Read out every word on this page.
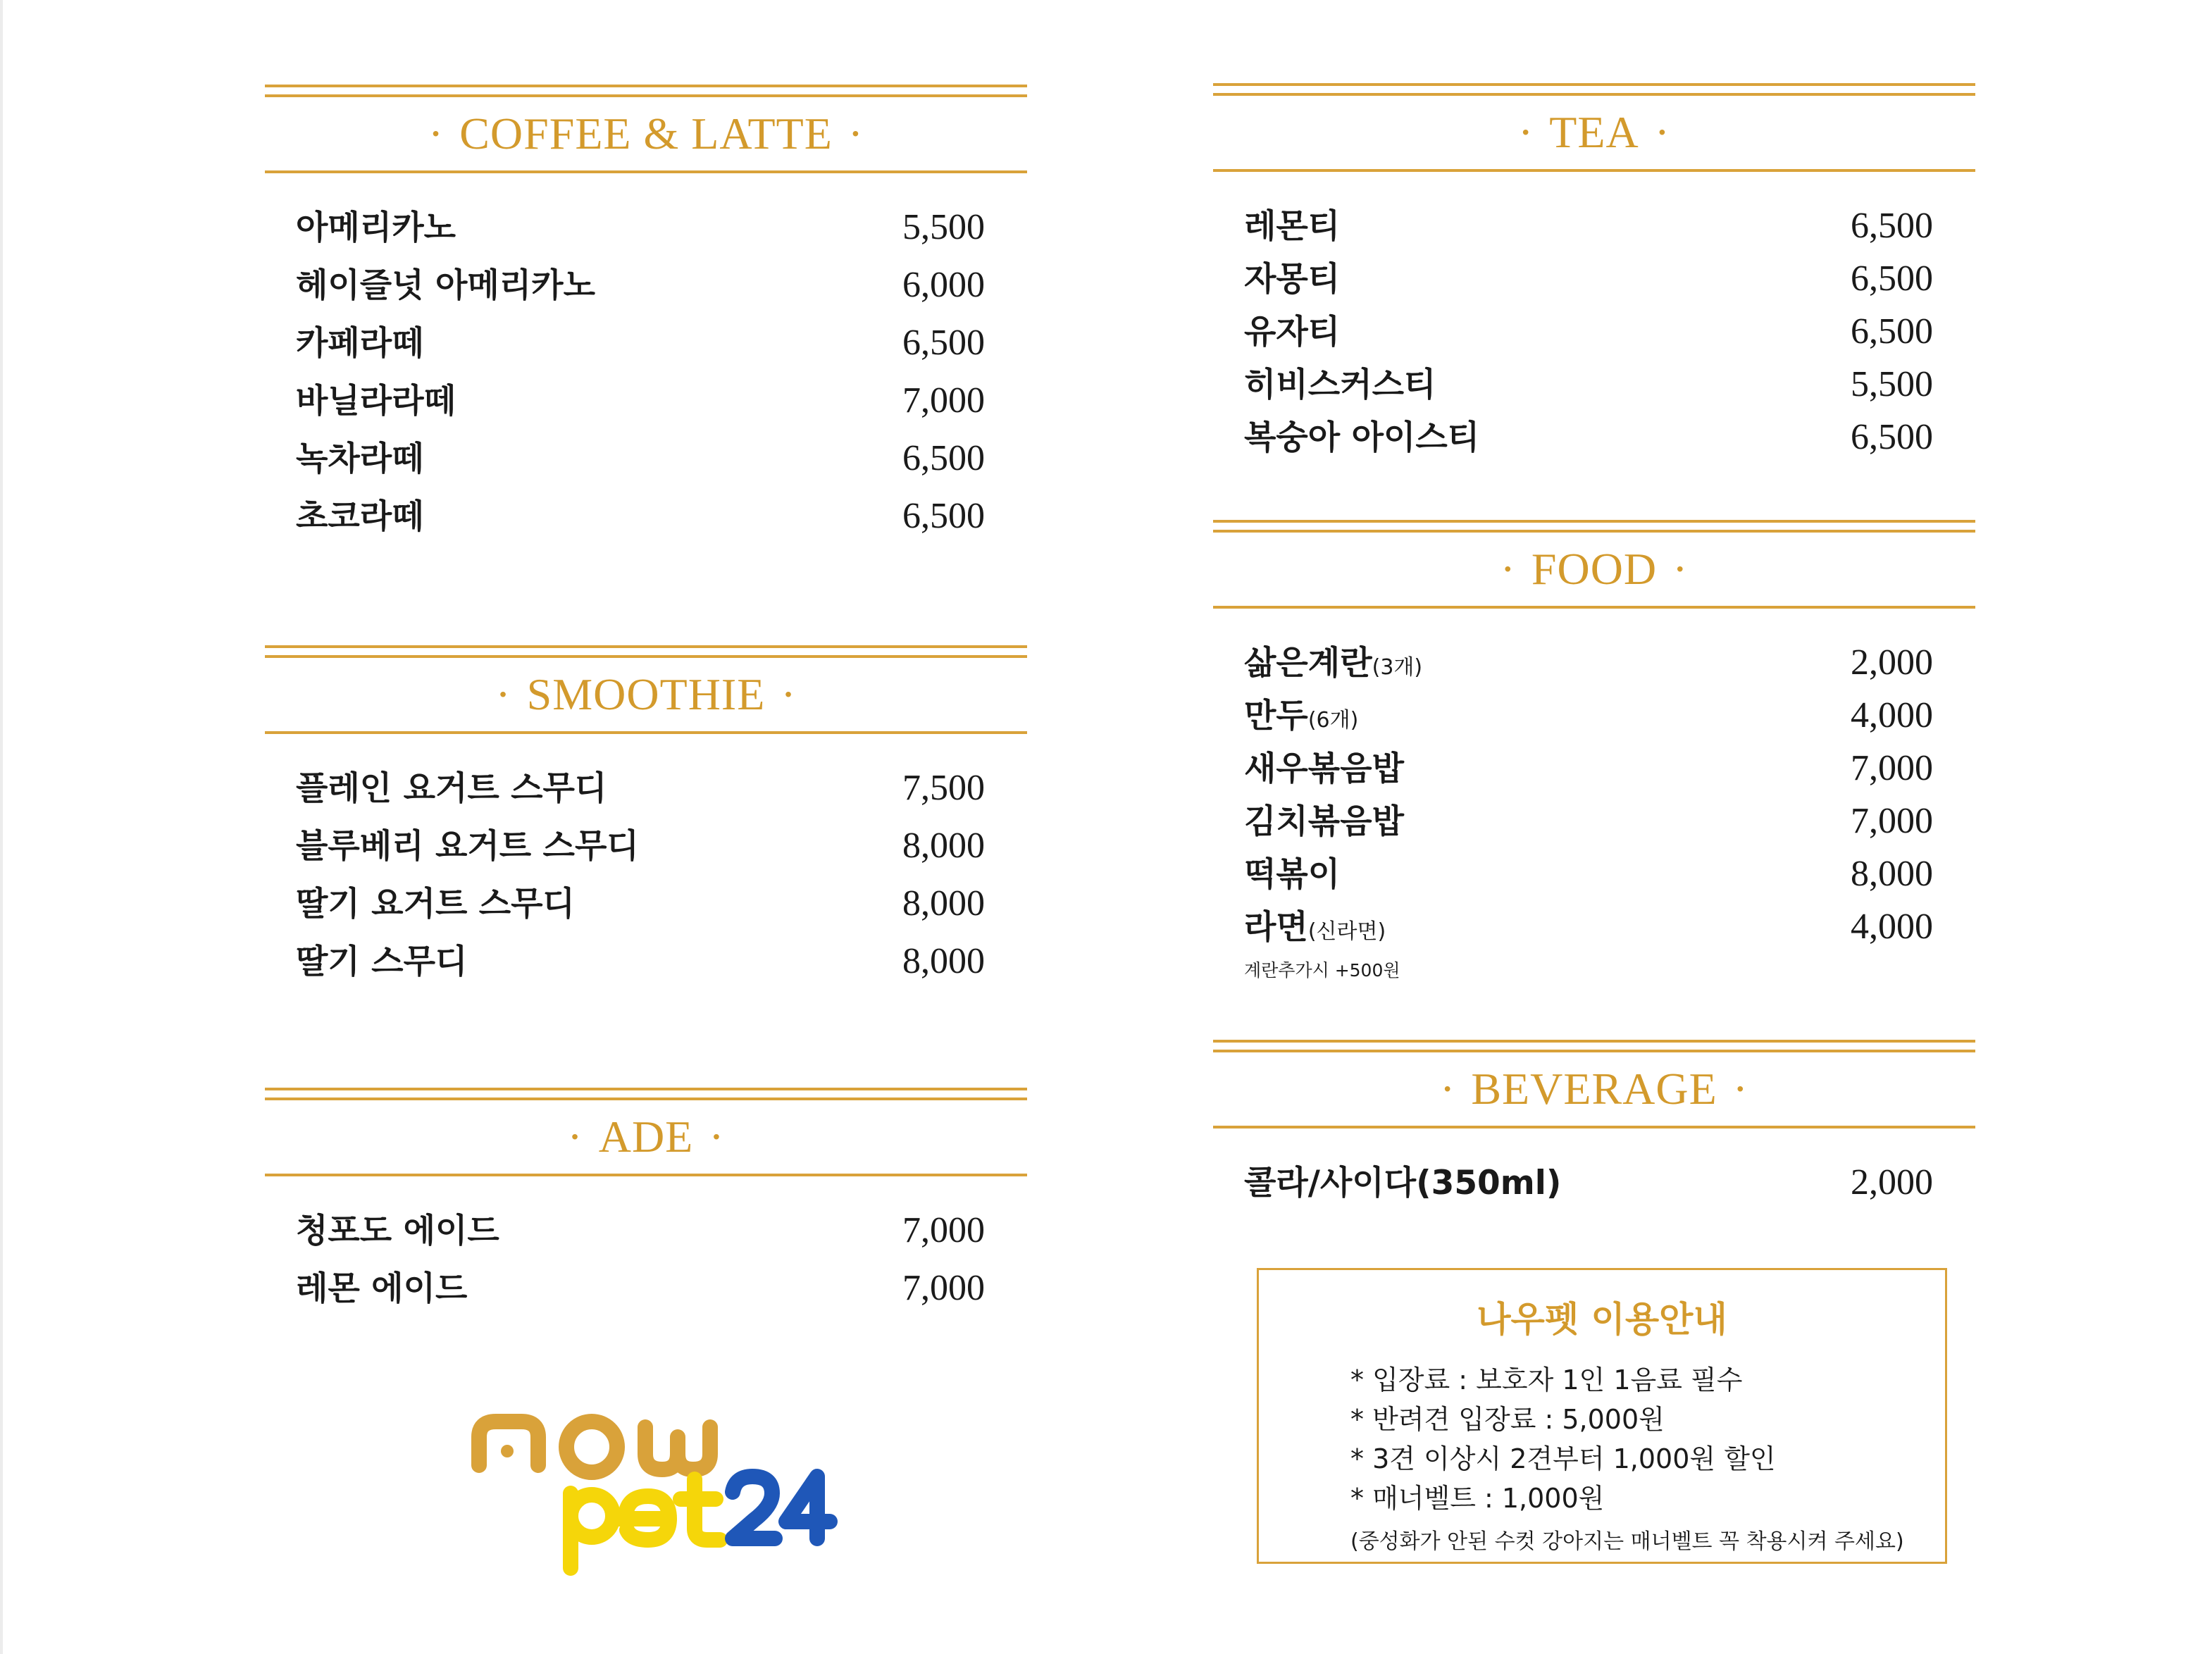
· COFFEE & LATTE ·
아메리카노	5,500
헤이즐넛 아메리카노	6,000
카페라떼	6,500
바닐라라떼	7,000
녹차라떼	6,500
초코라떼	6,500
· SMOOTHIE ·
플레인 요거트 스무디	7,500
블루베리 요거트 스무디	8,000
딸기 요거트 스무디	8,000
딸기 스무디	8,000
· ADE ·
청포도 에이드	7,000
레몬 에이드	7,000
· TEA ·
레몬티	6,500
자몽티	6,500
유자티	6,500
히비스커스티	5,500
복숭아 아이스티	6,500
· FOOD ·
삶은계란(3개)	2,000
만두(6개)	4,000
새우볶음밥	7,000
김치볶음밥	7,000
떡볶이	8,000
라면(신라면)	4,000
계란추가시 +500원
· BEVERAGE ·
콜라/사이다(350ml)	2,000
나우펫 이용안내
* 입장료 : 보호자 1인 1음료 필수
* 반려견 입장료 : 5,000원
* 3견 이상시 2견부터 1,000원 할인
* 매너벨트 : 1,000원
(중성화가 안된 수컷 강아지는 매너벨트 꼭 착용시켜 주세요)
